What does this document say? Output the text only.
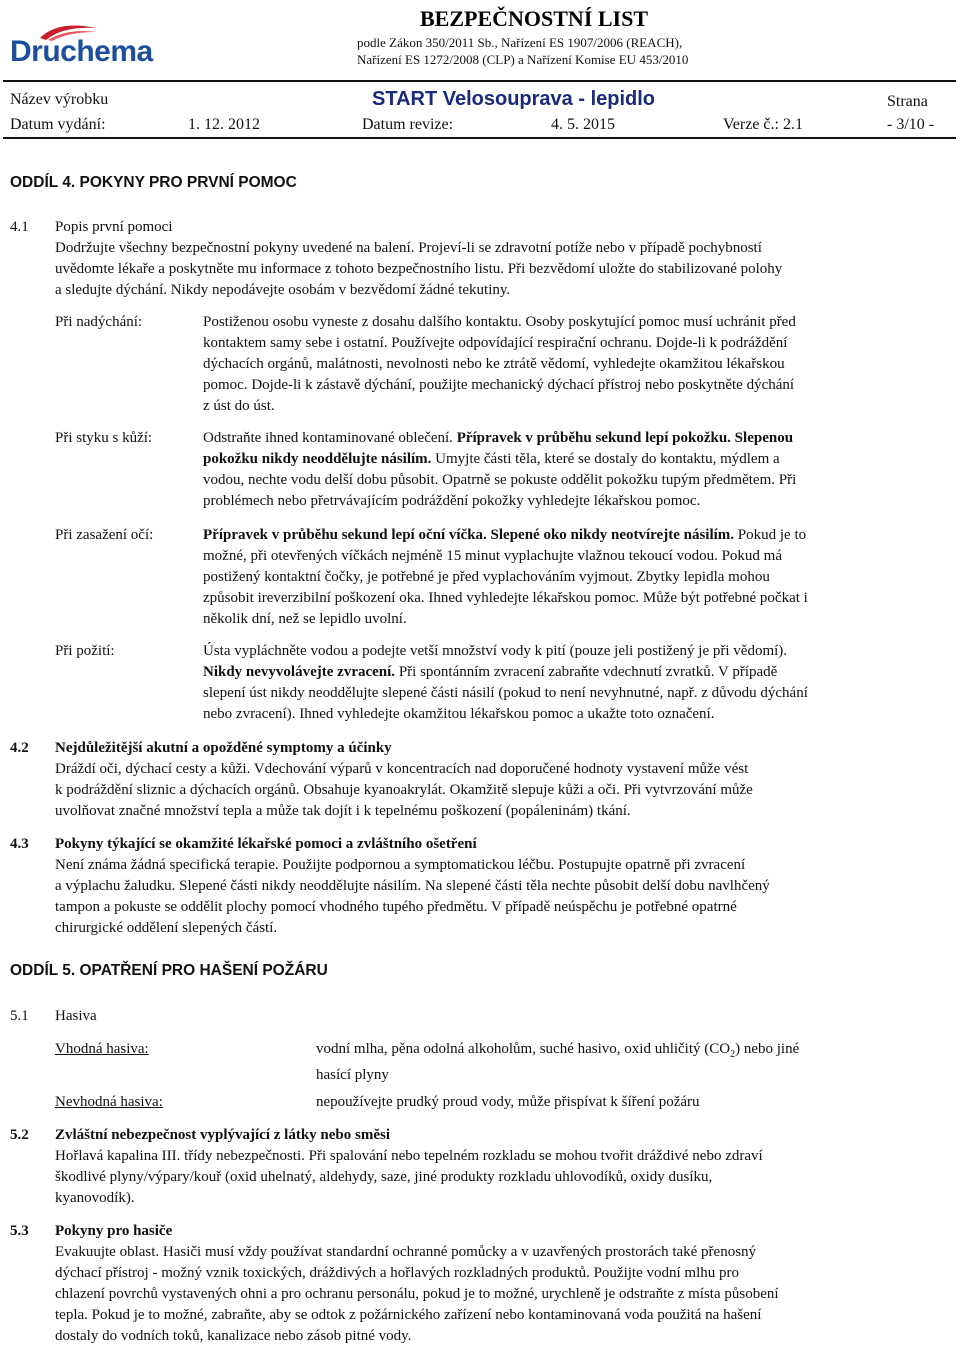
Druchema
BEZPEČNOSTNÍ LIST
podle Zákon 350/2011 Sb., Nařízení ES 1907/2006 (REACH),
Nařízení ES 1272/2008 (CLP) a Nařízení Komise EU 453/2010
Název výrobku	START Velosouprava - lepidlo	Strana
Datum vydání:	1. 12. 2012	Datum revize:	4. 5. 2015	Verze č.: 2.1	- 3/10 -
ODDÍL 4. POKYNY PRO PRVNÍ POMOC
4.1 Popis první pomoci
Dodržujte všechny bezpečnostní pokyny uvedené na balení. Projeví-li se zdravotní potíže nebo v případě pochybností
uvědomte lékaře a poskytněte mu informace z tohoto bezpečnostního listu. Při bezvědomí uložte do stabilizované polohy
a sledujte dýchání. Nikdy nepodávejte osobám v bezvědomí žádné tekutiny.
Při nadýchání:	Postiženou osobu vyneste z dosahu dalšího kontaktu. Osoby poskytující pomoc musí uchránit před
kontaktem samy sebe i ostatní. Používejte odpovídající respirační ochranu. Dojde-li k podráždění
dýchacích orgánů, malátnosti, nevolnosti nebo ke ztrátě vědomí, vyhledejte okamžitou lékařskou
pomoc. Dojde-li k zástavě dýchání, použijte mechanický dýchací přístroj nebo poskytněte dýchání
z úst do úst.
Při styku s kůží:	Odstraňte ihned kontaminované oblečení. Přípravek v průběhu sekund lepí pokožku. Slepenou
pokožku nikdy neoddělujte násilím. Umyjte části těla, které se dostaly do kontaktu, mýdlem a
vodou, nechte vodu delší dobu působit. Opatrně se pokuste oddělit pokožku tupým předmětem. Při
problémech nebo přetrvávajícím podráždění pokožky vyhledejte lékařskou pomoc.
Při zasažení očí:	Přípravek v průběhu sekund lepí oční víčka. Slepené oko nikdy neotvírejte násilím. Pokud je to
možné, při otevřených víčkách nejméně 15 minut vyplachujte vlažnou tekoucí vodou. Pokud má
postižený kontaktní čočky, je potřebné je před vyplachováním vyjmout. Zbytky lepidla mohou
způsobit ireverzibilní poškození oka. Ihned vyhledejte lékařskou pomoc. Může být potřebné počkat i
několik dní, než se lepidlo uvolní.
Při požití:	Ústa vypláchněte vodou a podejte vetší množství vody k pití (pouze jeli postižený je při vědomí).
Nikdy nevyvolávejte zvracení. Při spontánním zvracení zabraňte vdechnutí zvratků. V případě
slepení úst nikdy neoddělujte slepené části násilí (pokud to není nevyhnutné, např. z důvodu dýchání
nebo zvracení). Ihned vyhledejte okamžitou lékařskou pomoc a ukažte toto označení.
4.2 Nejdůležitější akutní a opožděné symptomy a účinky
Dráždí oči, dýchací cesty a kůži. Vdechování výparů v koncentracích nad doporučené hodnoty vystavení může vést
k podráždění sliznic a dýchacích orgánů. Obsahuje kyanoakrylát. Okamžitě slepuje kůži a oči. Při vytvrzování může
uvolňovat značné množství tepla a může tak dojít i k tepelnému poškození (popáleninám) tkání.
4.3 Pokyny týkající se okamžité lékařské pomoci a zvláštního ošetření
Není známa žádná specifická terapie. Použijte podpornou a symptomatickou léčbu. Postupujte opatrně při zvracení
a výplachu žaludku. Slepené části nikdy neoddělujte násilím. Na slepené části těla nechte působit delší dobu navlhčený
tampon a pokuste se oddělit plochy pomocí vhodného tupého předmětu. V případě neúspěchu je potřebné opatrné
chirurgické oddělení slepených částí.
ODDÍL 5. OPATŘENÍ PRO HAŠENÍ POŽÁRU
5.1 Hasiva
Vhodná hasiva:	vodní mlha, pěna odolná alkoholům, suché hasivo, oxid uhličitý $(CO_2)$ nebo jiné
hasící plyny
Nevhodná hasiva:	nepoužívejte prudký proud vody, může přispívat k šíření požáru
5.2 Zvláštní nebezpečnost vyplývající z látky nebo směsi
Hořlavá kapalina III. třídy nebezpečnosti. Při spalování nebo tepelném rozkladu se mohou tvořit dráždivé nebo zdraví
škodlivé plyny/výpary/kouř (oxid uhelnatý, aldehydy, saze, jiné produkty rozkladu uhlovodíků, oxidy dusíku,
kyanovodík).
5.3 Pokyny pro hasiče
Evakuujte oblast. Hasiči musí vždy používat standardní ochranné pomůcky a v uzavřených prostorách také přenosný
dýchací přístroj - možný vznik toxických, dráždivých a hořlavých rozkladných produktů. Použijte vodní mlhu pro
chlazení povrchů vystavených ohni a pro ochranu personálu, pokud je to možné, urychleně je odstraňte z místa působení
tepla. Pokud je to možné, zabraňte, aby se odtok z požárnického zařízení nebo kontaminovaná voda použitá na hašení
dostaly do vodních toků, kanalizace nebo zásob pitné vody.
